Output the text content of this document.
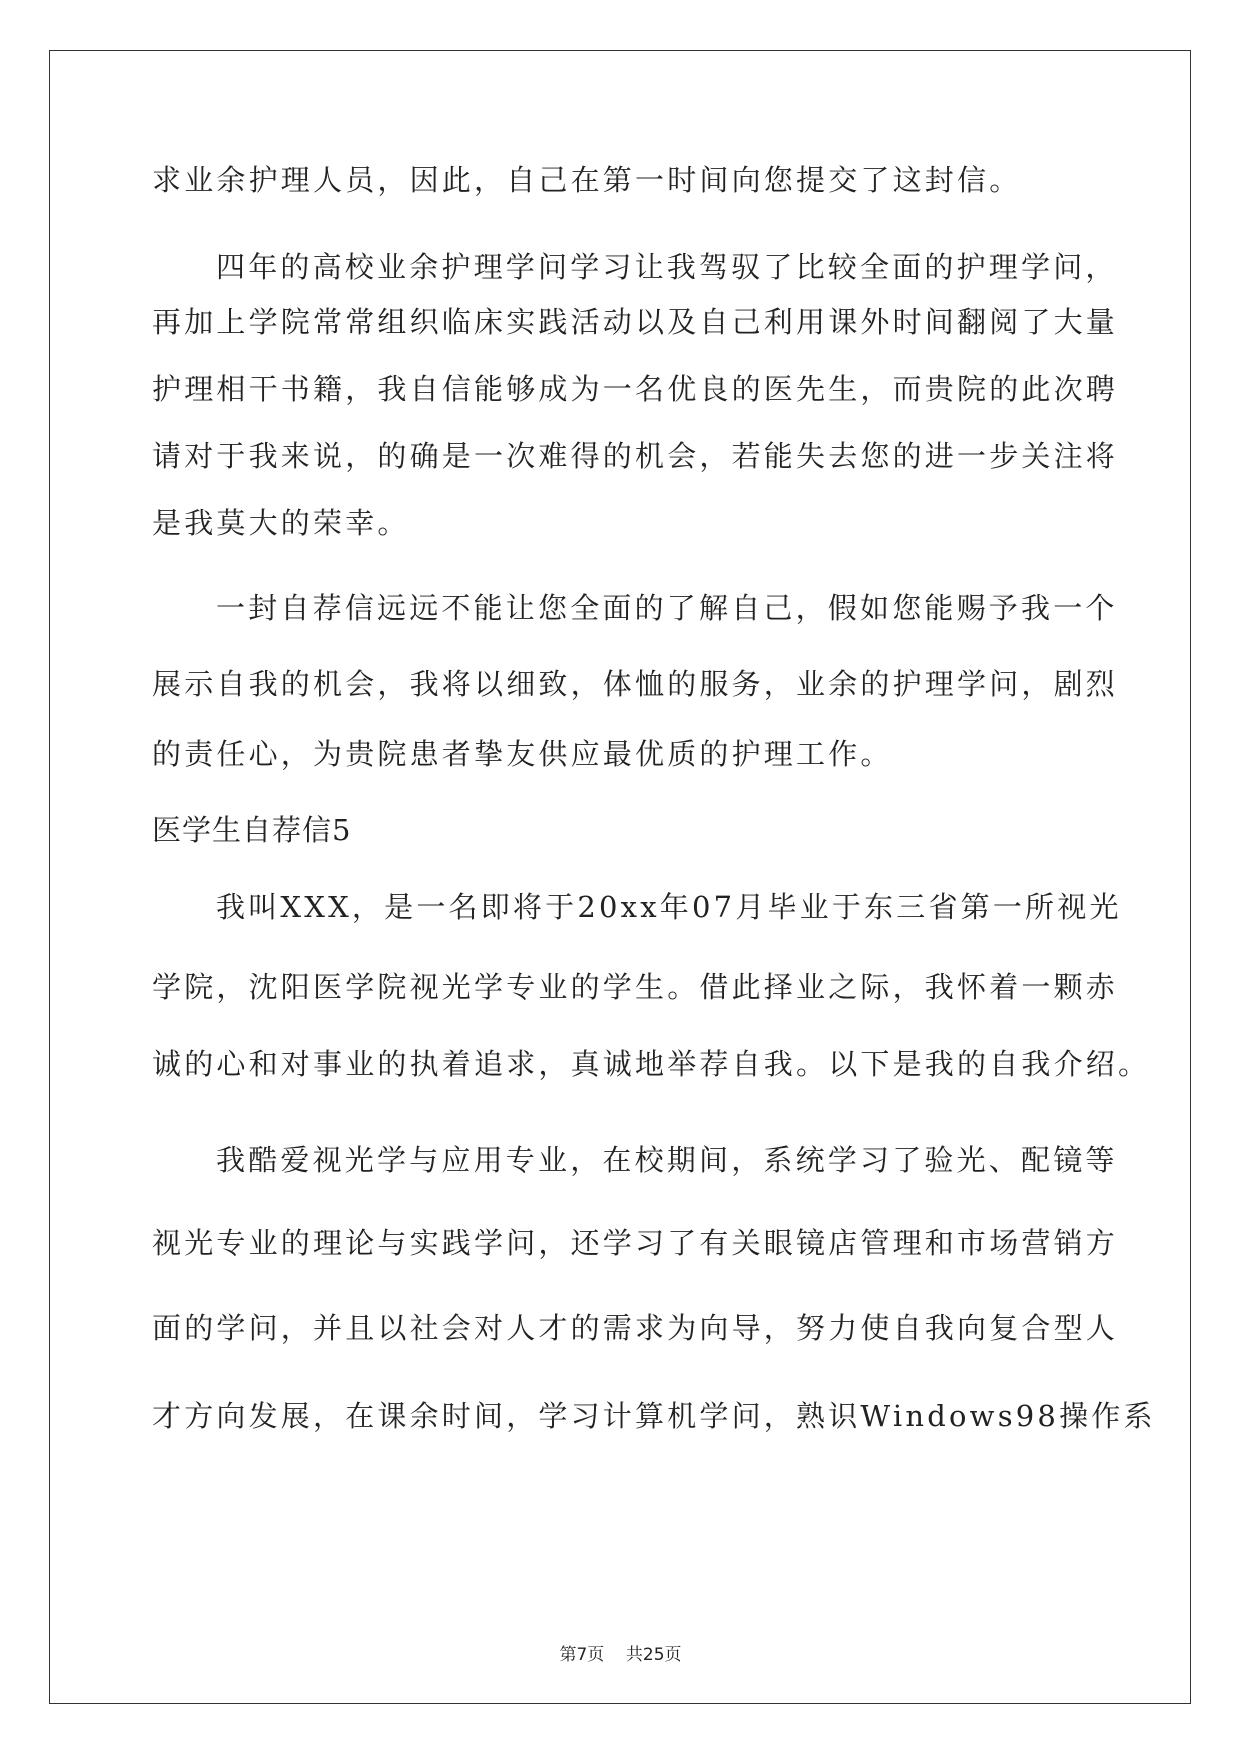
求业余护理人员，因此，自己在第一时间向您提交了这封信。
四年的高校业余护理学问学习让我驾驭了比较全面的护理学问，
再加上学院常常组织临床实践活动以及自己利用课外时间翻阅了大量
护理相干书籍，我自信能够成为一名优良的医先生，而贵院的此次聘
请对于我来说，的确是一次难得的机会，若能失去您的进一步关注将
是我莫大的荣幸。
一封自荐信远远不能让您全面的了解自己，假如您能赐予我一个
展示自我的机会，我将以细致，体恤的服务，业余的护理学问，剧烈
的责任心，为贵院患者挚友供应最优质的护理工作。
医学生自荐信5
我叫XXX，是一名即将于20xx年07月毕业于东三省第一所视光
学院，沈阳医学院视光学专业的学生。借此择业之际，我怀着一颗赤
诚的心和对事业的执着追求，真诚地举荐自我。以下是我的自我介绍。
我酷爱视光学与应用专业，在校期间，系统学习了验光、配镜等
视光专业的理论与实践学问，还学习了有关眼镜店管理和市场营销方
面的学问，并且以社会对人才的需求为向导，努力使自我向复合型人
才方向发展，在课余时间，学习计算机学问，熟识Windows98操作系
第7页 共25页
